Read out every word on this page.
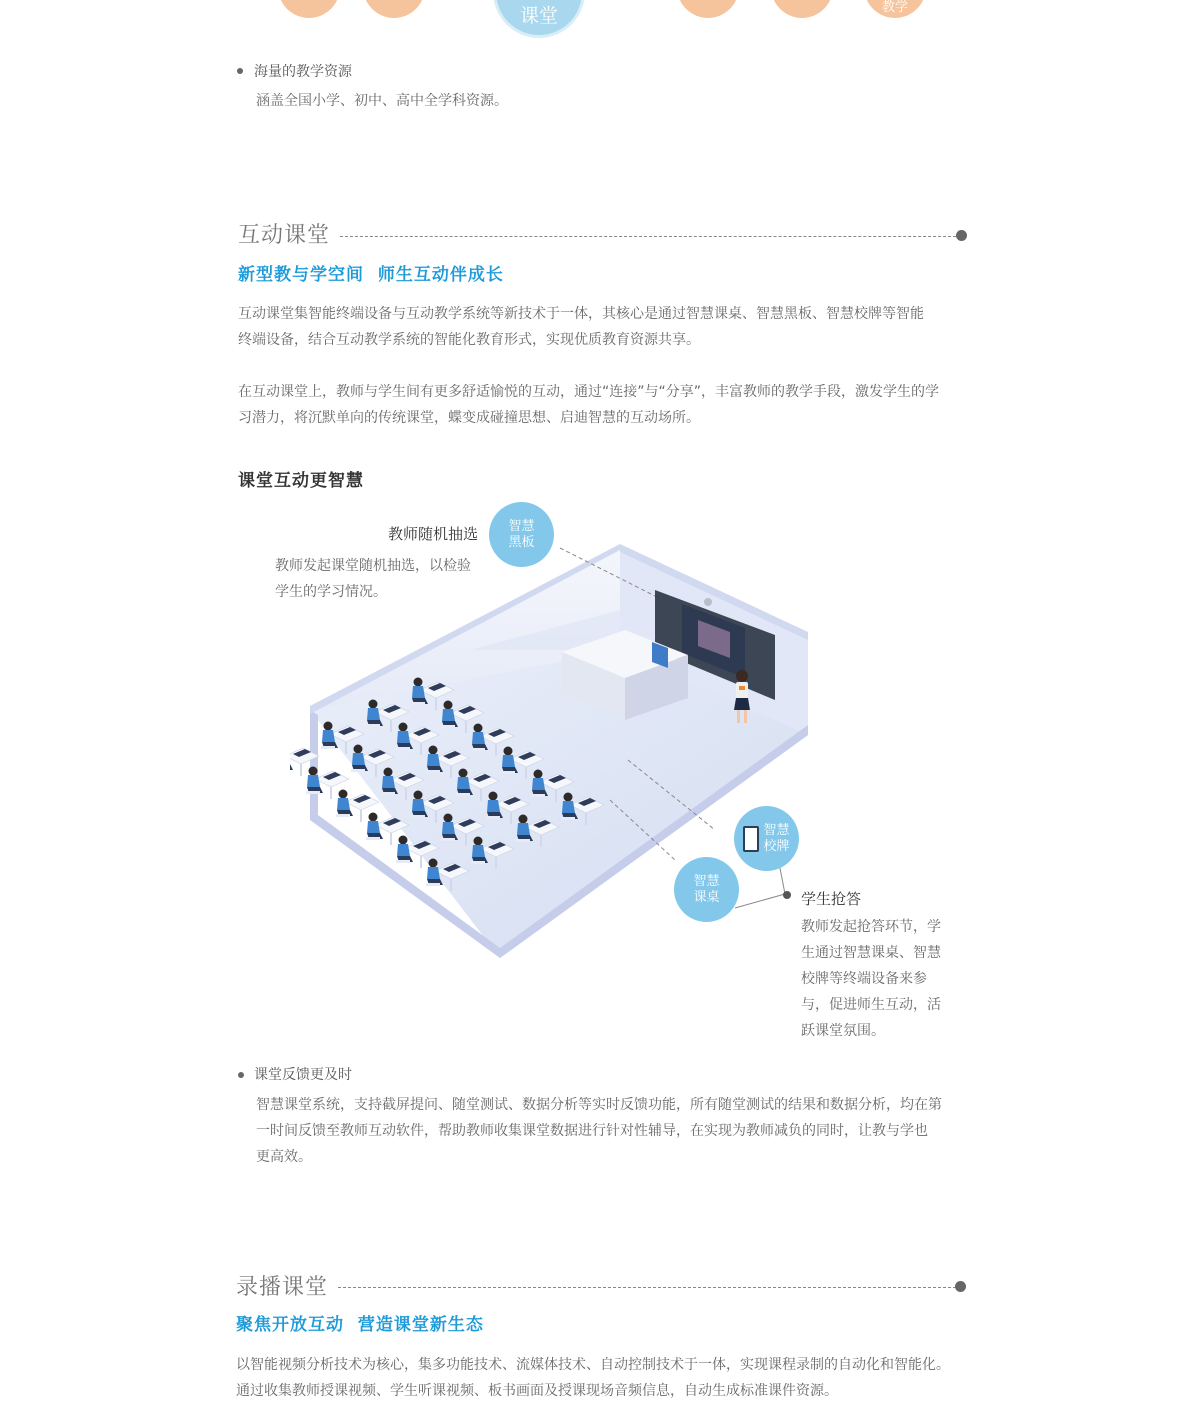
课堂	教学
海量的教学资源
涵盖全国小学、初中、高中全学科资源。
互动课堂
新型教与学空间  师生互动伴成长
互动课堂集智能终端设备与互动教学系统等新技术于一体，其核心是通过智慧课桌、智慧黑板、智慧校牌等智能
终端设备，结合互动教学系统的智能化教育形式，实现优质教育资源共享。
在互动课堂上，教师与学生间有更多舒适愉悦的互动，通过“连接”与“分享”，丰富教师的教学手段，激发学生的学
习潜力，将沉默单向的传统课堂，蝶变成碰撞思想、启迪智慧的互动场所。
课堂互动更智慧
智慧
黑板
智慧
校牌
智慧
课桌
教师随机抽选
教师发起课堂随机抽选，以检验
学生的学习情况。
学生抢答
教师发起抢答环节，学
生通过智慧课桌、智慧
校牌等终端设备来参
与，促进师生互动，活
跃课堂氛围。
课堂反馈更及时
智慧课堂系统，支持截屏提问、随堂测试、数据分析等实时反馈功能，所有随堂测试的结果和数据分析，均在第
一时间反馈至教师互动软件，帮助教师收集课堂数据进行针对性辅导，在实现为教师减负的同时，让教与学也
更高效。
录播课堂
聚焦开放互动  营造课堂新生态
以智能视频分析技术为核心，集多功能技术、流媒体技术、自动控制技术于一体，实现课程录制的自动化和智能化。
通过收集教师授课视频、学生听课视频、板书画面及授课现场音频信息，自动生成标准课件资源。
